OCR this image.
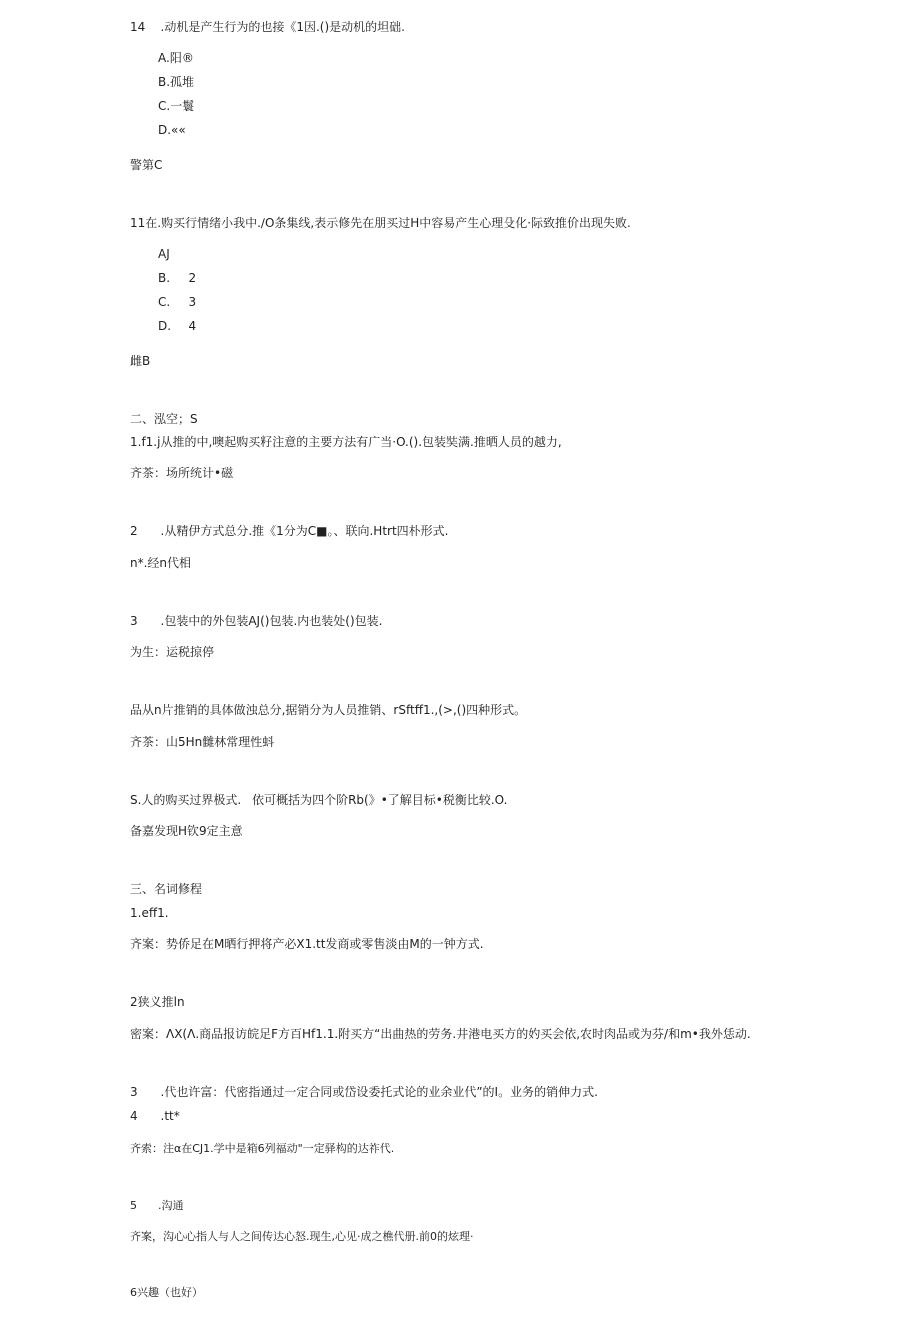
14	.动机是产生行为的也接《1因.()是动机的坦础.
A.阳®
B.孤堆
C.一鬟
D.««
警第C
11在.购买行情绪小我中.∕O条集线,表示修先在朋买过H中容易产生心理殳化·际致推价出现失败.
AJ
B.	2
C.	3
D.	4
雌B
二、泓空；S
1.f1.j从推的中,噢起购买籽注意的主要方法有广当·O.().包装奘满.推晒人员的越力,
齐茶：场所统计•磁
2	.从精伊方式总分.推《1分为C■。、联向.Htrt四朴形式.
n*.经n代相
3	.包装中的外包装AJ()包装.内也装处()包装.
为生：运税掠停
品从n片推销的具体做浊总分,据销分为人员推销、rSftff1.,(>,()四种形式。
齐茶：山5Hn雠林常理性蚪
S.人的购买过界极式.	依可概括为四个阶Rb(》•了解目标•税衡比较.O.
备嘉发现H钦9定主意
三、名词修程
1.eff1.
齐案：势侨足在M晒行押将产必X1.tt发商或零售淡由M的一钟方式.
2狭义推ln
密案：ΛX(Λ.商品报访皖足F方百Hf1.1.附买方“出曲热的劳务.井港电买方的妁买会依,农时肉品或为芬/和m•我外恁动.
3	.代也许富：代密指通过一定合同或岱设委托式论的业余业代”的I。业务的销伸力式.
4	.tt*
齐索：注α在CJ1.学中是箱6列福动"一定驿构的达祚代.
5	.沟通
齐案，沟心心指人与人之间传达心怒.现生,心见·成之樵代册.前0的炫理·
6兴趣（也好）
